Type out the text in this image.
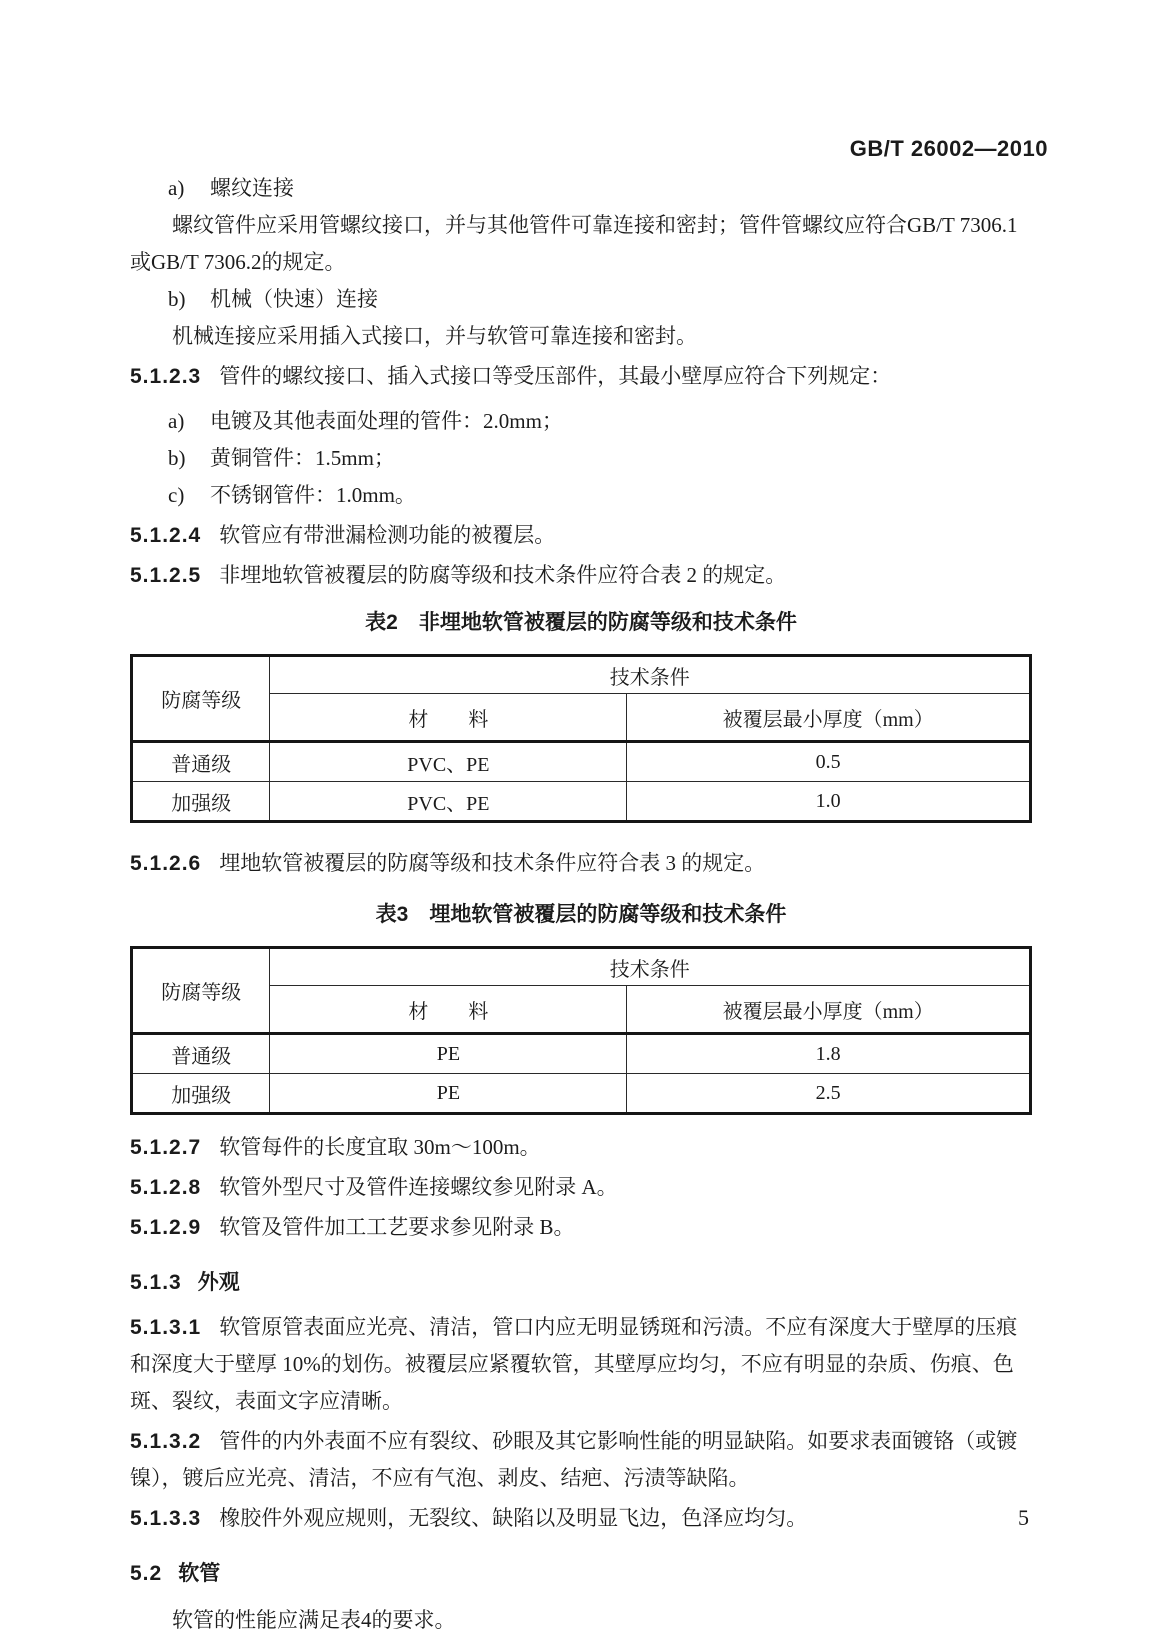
GB/T 26002—2010
a) 螺纹连接

螺纹管件应采用管螺纹接口，并与其他管件可靠连接和密封；管件管螺纹应符合GB/T 7306.1或GB/T 7306.2的规定。

b) 机械（快速）连接

机械连接应采用插入式接口，并与软管可靠连接和密封。

5.1.2.3 管件的螺纹接口、插入式接口等受压部件，其最小壁厚应符合下列规定：

a) 电镀及其他表面处理的管件：2.0mm；
b) 黄铜管件：1.5mm；
c) 不锈钢管件：1.0mm。

5.1.2.4 软管应有带泄漏检测功能的被覆层。

5.1.2.5 非埋地软管被覆层的防腐等级和技术条件应符合表 2 的规定。

表2　非埋地软管被覆层的防腐等级和技术条件
防腐等级	技术条件	
	材　　料	被覆层最小厚度（mm）
普通级	PVC、PE	0.5
加强级	PVC、PE	1.0

5.1.2.6 埋地软管被覆层的防腐等级和技术条件应符合表 3 的规定。

表3　埋地软管被覆层的防腐等级和技术条件
防腐等级	技术条件	
	材　　料	被覆层最小厚度（mm）
普通级	PE	1.8
加强级	PE	2.5

5.1.2.7 软管每件的长度宜取 30m～100m。

5.1.2.8 软管外型尺寸及管件连接螺纹参见附录 A。

5.1.2.9 软管及管件加工工艺要求参见附录 B。

5.1.3 外观

5.1.3.1 软管原管表面应光亮、清洁，管口内应无明显锈斑和污渍。不应有深度大于壁厚的压痕和深度大于壁厚 10%的划伤。被覆层应紧覆软管，其壁厚应均匀，不应有明显的杂质、伤痕、色斑、裂纹，表面文字应清晰。

5.1.3.2 管件的内外表面不应有裂纹、砂眼及其它影响性能的明显缺陷。如要求表面镀铬（或镀镍），镀后应光亮、清洁，不应有气泡、剥皮、结疤、污渍等缺陷。

5.1.3.3 橡胶件外观应规则，无裂纹、缺陷以及明显飞边，色泽应均匀。

5.2 软管

软管的性能应满足表4的要求。

5
